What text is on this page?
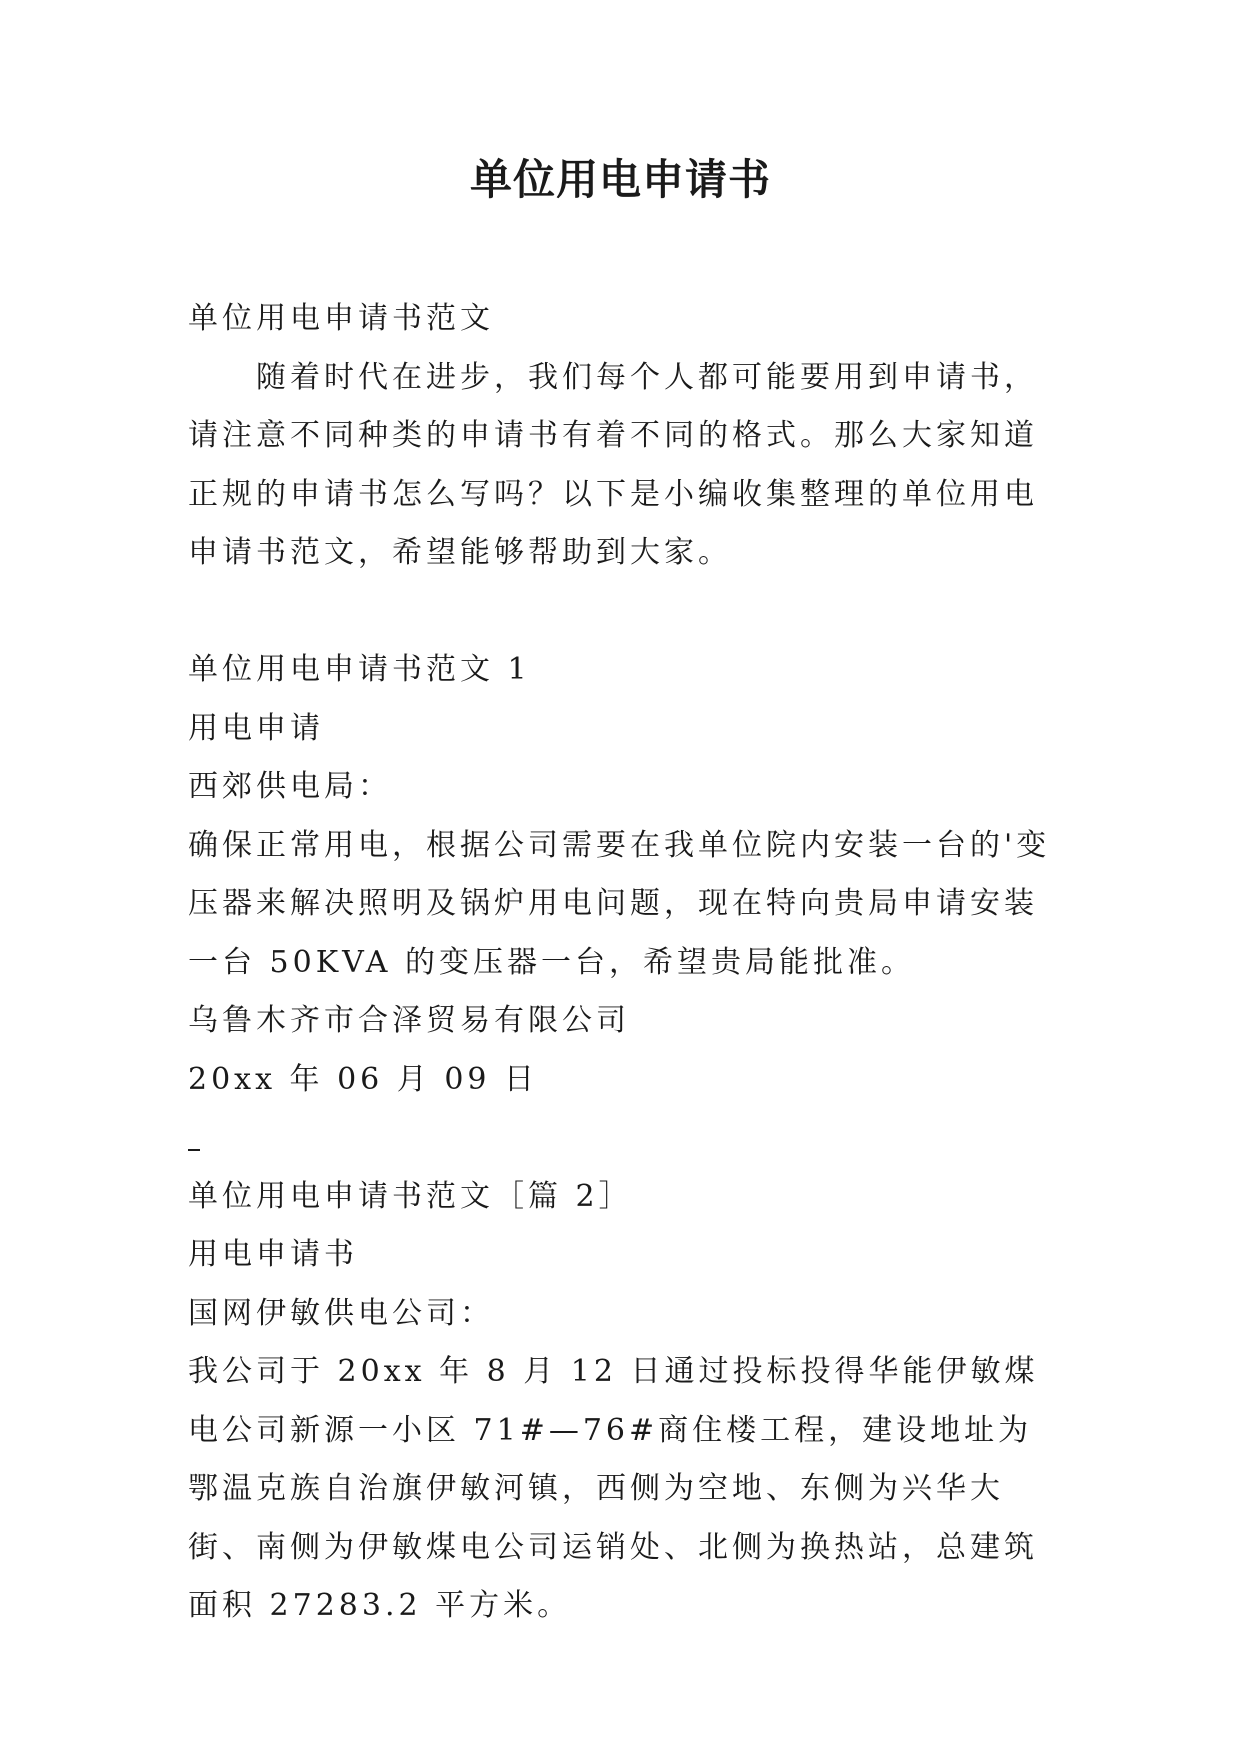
单位用电申请书

单位用电申请书范文

随着时代在进步，我们每个人都可能要用到申请书，请注意不同种类的申请书有着不同的格式。那么大家知道正规的申请书怎么写吗？以下是小编收集整理的单位用电申请书范文，希望能够帮助到大家。

单位用电申请书范文 1

用电申请

西郊供电局：

确保正常用电，根据公司需要在我单位院内安装一台的'变压器来解决照明及锅炉用电问题，现在特向贵局申请安装一台 50KVA 的变压器一台，希望贵局能批准。

乌鲁木齐市合泽贸易有限公司

20xx 年 06 月 09 日

单位用电申请书范文［篇 2］

用电申请书

国网伊敏供电公司：

我公司于 20xx 年 8 月 12 日通过投标投得华能伊敏煤电公司新源一小区 71#—76#商住楼工程，建设地址为鄂温克族自治旗伊敏河镇，西侧为空地、东侧为兴华大街、南侧为伊敏煤电公司运销处、北侧为换热站，总建筑面积 27283.2 平方米。
